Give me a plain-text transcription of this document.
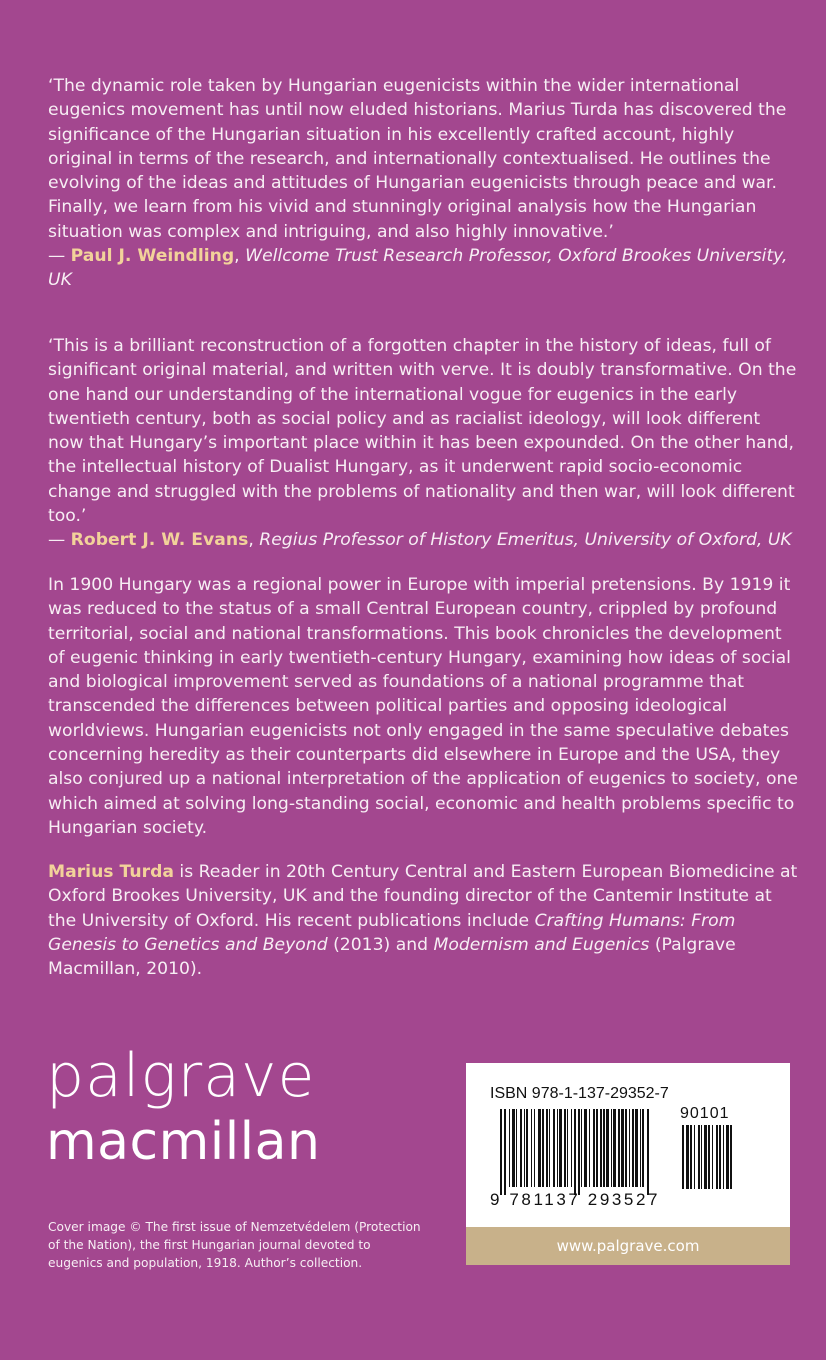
‘The dynamic role taken by Hungarian eugenicists within the wider international eugenics movement has until now eluded historians. Marius Turda has discovered the significance of the Hungarian situation in his excellently crafted account, highly original in terms of the research, and internationally contextualised. He outlines the evolving of the ideas and attitudes of Hungarian eugenicists through peace and war. Finally, we learn from his vivid and stunningly original analysis how the Hungarian situation was complex and intriguing, and also highly innovative.’
— Paul J. Weindling, Wellcome Trust Research Professor, Oxford Brookes University, UK

‘This is a brilliant reconstruction of a forgotten chapter in the history of ideas, full of significant original material, and written with verve. It is doubly transformative. On the one hand our understanding of the international vogue for eugenics in the early twentieth century, both as social policy and as racialist ideology, will look different now that Hungary’s important place within it has been expounded. On the other hand, the intellectual history of Dualist Hungary, as it underwent rapid socio-economic change and struggled with the problems of nationality and then war, will look different too.’
— Robert J. W. Evans, Regius Professor of History Emeritus, University of Oxford, UK

In 1900 Hungary was a regional power in Europe with imperial pretensions. By 1919 it was reduced to the status of a small Central European country, crippled by profound territorial, social and national transformations. This book chronicles the development of eugenic thinking in early twentieth-century Hungary, examining how ideas of social and biological improvement served as foundations of a national programme that transcended the differences between political parties and opposing ideological worldviews. Hungarian eugenicists not only engaged in the same speculative debates concerning heredity as their counterparts did elsewhere in Europe and the USA, they also conjured up a national interpretation of the application of eugenics to society, one which aimed at solving long-standing social, economic and health problems specific to Hungarian society.

Marius Turda is Reader in 20th Century Central and Eastern European Biomedicine at Oxford Brookes University, UK and the founding director of the Cantemir Institute at the University of Oxford. His recent publications include Crafting Humans: From Genesis to Genetics and Beyond (2013) and Modernism and Eugenics (Palgrave Macmillan, 2010).

palgrave
macmillan
Cover image © The first issue of Nemzetvédelem (Protection of the Nation), the first Hungarian journal devoted to eugenics and population, 1918. Author’s collection.
ISBN 978-1-137-29352-7
90101
9 781137 293527
www.palgrave.com
